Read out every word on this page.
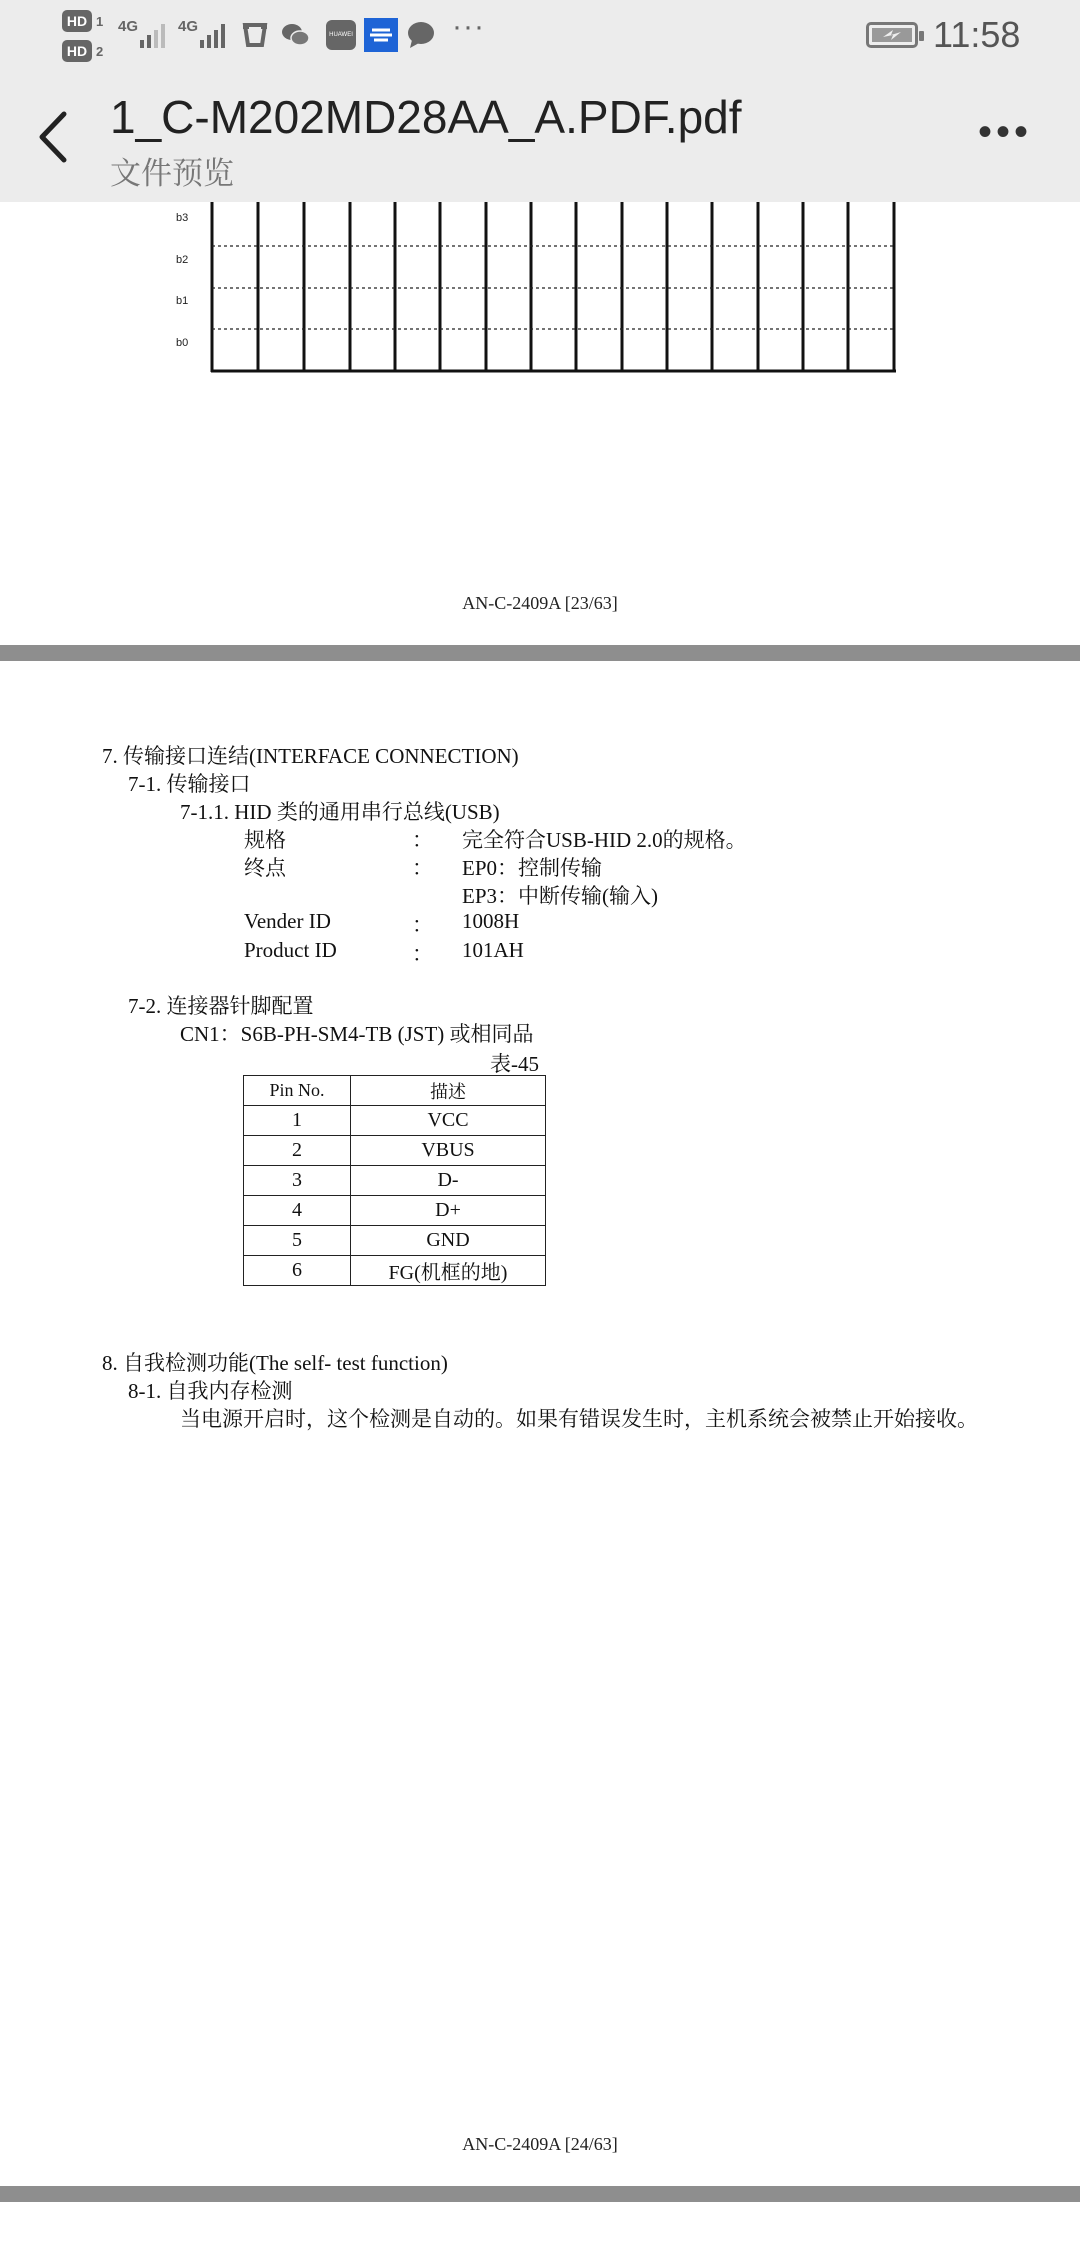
HD 1
HD 2
4G	4G	HUAWEI	···	11:58
1_C-M202MD28AA_A.PDF.pdf
文件预览
•••
b3
b2
b1
b0
AN-C-2409A [23/63]
7. 传输接口连结(INTERFACE CONNECTION)
7-1. 传输接口
7-1.1. HID 类的通用串行总线(USB)
规格	： 完全符合USB-HID 2.0的规格。
终点	： EP0：控制传输
EP3：中断传输(输入)
Vender ID	： 1008H
Product ID	： 101AH
7-2. 连接器针脚配置
CN1：S6B-PH-SM4-TB (JST) 或相同品
表-45
Pin No.	描述
1	VCC
2	VBUS
3	D-
4	D+
5	GND
6	FG(机框的地)
8. 自我检测功能(The self- test function)
8-1. 自我内存检测
当电源开启时，这个检测是自动的。如果有错误发生时，主机系统会被禁止开始接收。
AN-C-2409A [24/63]
